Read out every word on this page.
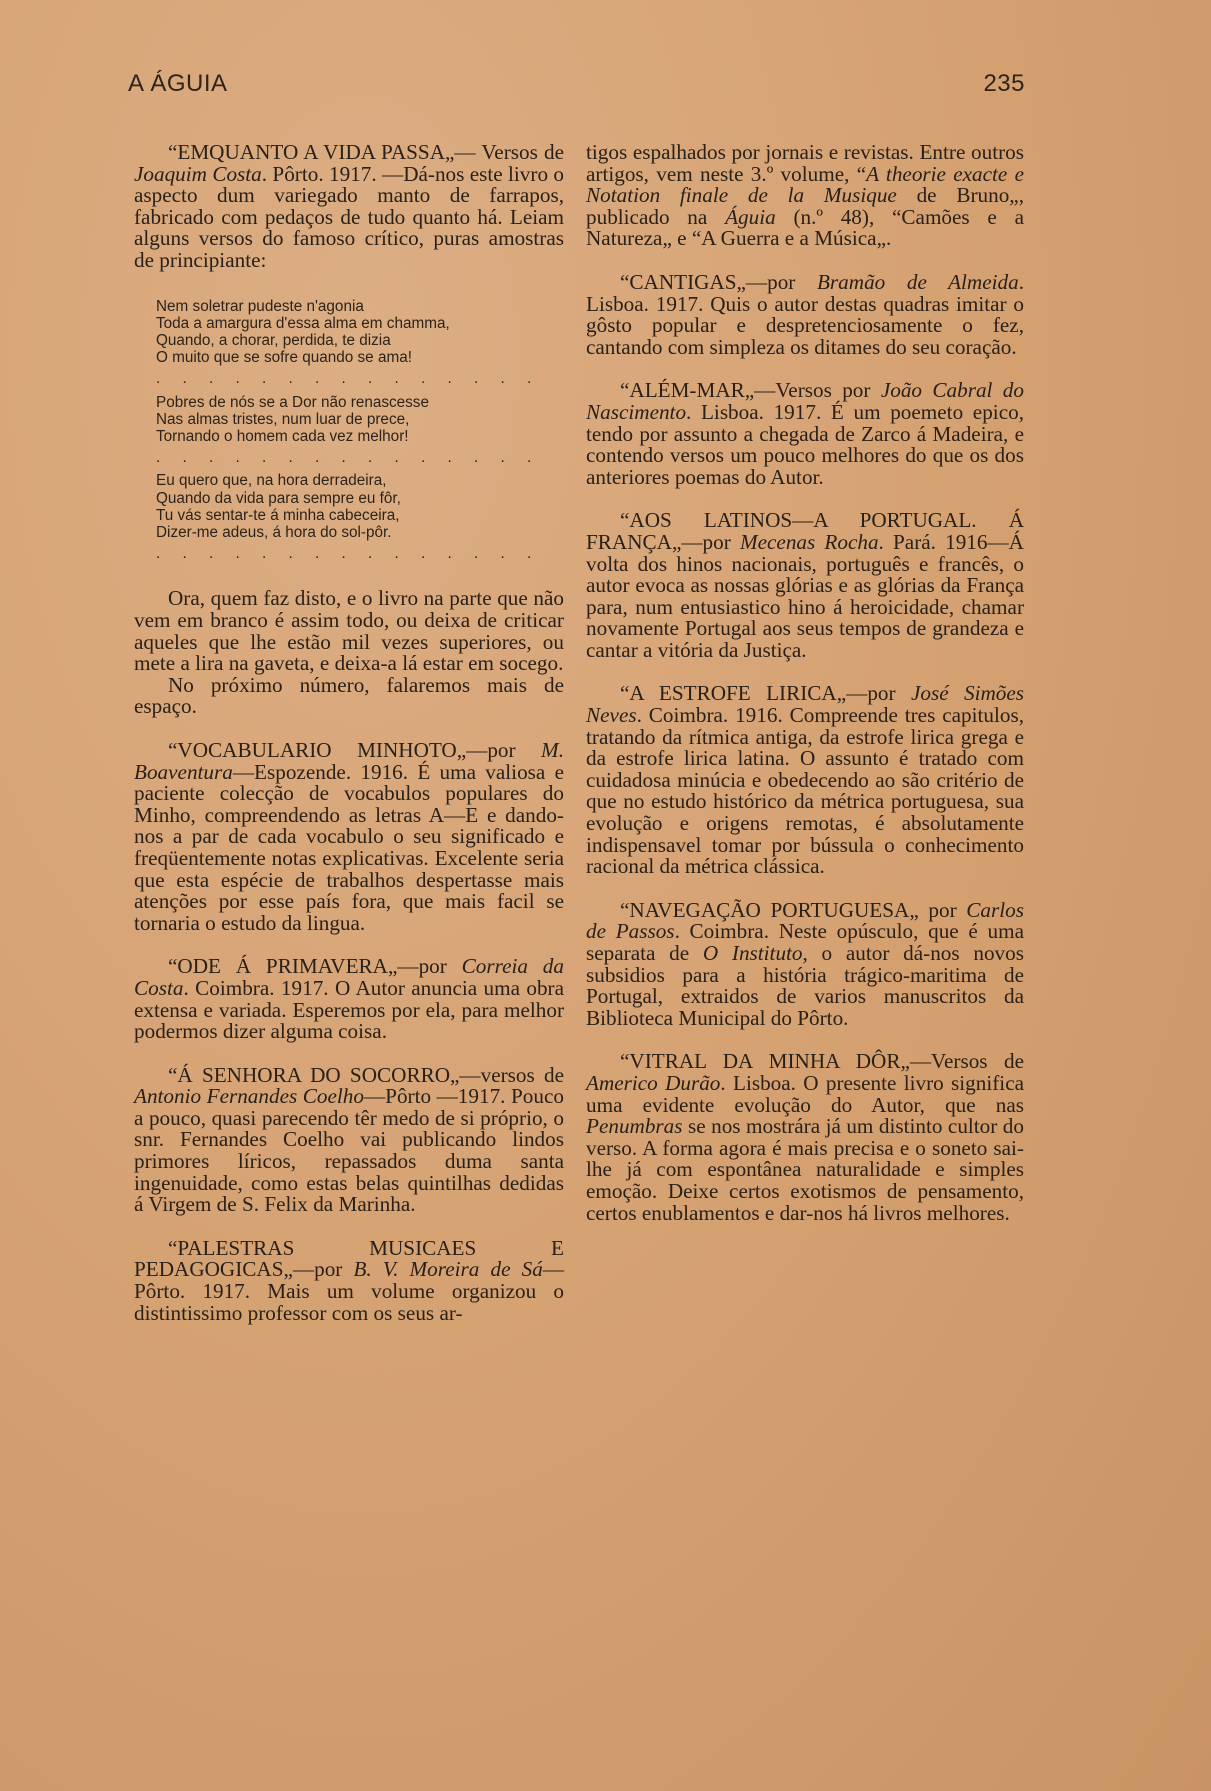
A ÁGUIA	235

“EMQUANTO A VIDA PASSA„— Versos de Joaquim Costa. Pôrto. 1917. —Dá-nos este livro o aspecto dum variegado manto de farrapos, fabricado com pedaços de tudo quanto há. Leiam alguns versos do famoso crítico, puras amostras de principiante:

Nem soletrar pudeste n'agonia
Toda a amargura d'essa alma em chamma,
Quando, a chorar, perdida, te dizia
O muito que se sofre quando se ama!
. . . . . . . . . . . . . . .
Pobres de nós se a Dor não renascesse
Nas almas tristes, num luar de prece,
Tornando o homem cada vez melhor!
. . . . . . . . . . . . . . .
Eu quero que, na hora derradeira,
Quando da vida para sempre eu fôr,
Tu vás sentar-te á minha cabeceira,
Dizer-me adeus, á hora do sol-pôr.
. . . . . . . . . . . . . . .

Ora, quem faz disto, e o livro na parte que não vem em branco é assim todo, ou deixa de criticar aqueles que lhe estão mil vezes superiores, ou mete a lira na gaveta, e deixa-a lá estar em socego.

No próximo número, falaremos mais de espaço.

“VOCABULARIO MINHOTO„—por M. Boaventura—Espozende. 1916. É uma valiosa e paciente colecção de vocabulos populares do Minho, compreendendo as letras A—E e dando-nos a par de cada vocabulo o seu significado e freqüentemente notas explicativas. Excelente seria que esta espécie de trabalhos despertasse mais atenções por esse país fora, que mais facil se tornaria o estudo da lingua.

“ODE Á PRIMAVERA„—por Correia da Costa. Coimbra. 1917. O Autor anuncia uma obra extensa e variada. Esperemos por ela, para melhor podermos dizer alguma coisa.

“Á SENHORA DO SOCORRO„—versos de Antonio Fernandes Coelho—Pôrto —1917. Pouco a pouco, quasi parecendo têr medo de si próprio, o snr. Fernandes Coelho vai publicando lindos primores líricos, repassados duma santa ingenuidade, como estas belas quintilhas dedidas á Virgem de S. Felix da Marinha.

“PALESTRAS MUSICAES E PEDAGOGICAS„—por B. V. Moreira de Sá—Pôrto. 1917. Mais um volume organizou o distintissimo professor com os seus ar-

tigos espalhados por jornais e revistas. Entre outros artigos, vem neste 3.º volume, “A theorie exacte e Notation finale de la Musique de Bruno„, publicado na Águia (n.º 48), “Camões e a Natureza„ e “A Guerra e a Música„.

“CANTIGAS„—por Bramão de Almeida. Lisboa. 1917. Quis o autor destas quadras imitar o gôsto popular e despretenciosamente o fez, cantando com simpleza os ditames do seu coração.

“ALÉM-MAR„—Versos por João Cabral do Nascimento. Lisboa. 1917. É um poemeto epico, tendo por assunto a chegada de Zarco á Madeira, e contendo versos um pouco melhores do que os dos anteriores poemas do Autor.

“AOS LATINOS—A PORTUGAL. Á FRANÇA„—por Mecenas Rocha. Pará. 1916—Á volta dos hinos nacionais, português e francês, o autor evoca as nossas glórias e as glórias da França para, num entusiastico hino á heroicidade, chamar novamente Portugal aos seus tempos de grandeza e cantar a vitória da Justiça.

“A ESTROFE LIRICA„—por José Simões Neves. Coimbra. 1916. Compreende tres capitulos, tratando da rítmica antiga, da estrofe lirica grega e da estrofe lirica latina. O assunto é tratado com cuidadosa minúcia e obedecendo ao são critério de que no estudo histórico da métrica portuguesa, sua evolução e origens remotas, é absolutamente indispensavel tomar por bússula o conhecimento racional da métrica clássica.

“NAVEGAÇÃO PORTUGUESA„ por Carlos de Passos. Coimbra. Neste opúsculo, que é uma separata de O Instituto, o autor dá-nos novos subsidios para a história trágico-maritima de Portugal, extraidos de varios manuscritos da Biblioteca Municipal do Pôrto.

“VITRAL DA MINHA DÔR„—Versos de Americo Durão. Lisboa. O presente livro significa uma evidente evolução do Autor, que nas Penumbras se nos mostrára já um distinto cultor do verso. A forma agora é mais precisa e o soneto sai-lhe já com espontânea naturalidade e simples emoção. Deixe certos exotismos de pensamento, certos enublamentos e dar-nos há livros melhores.
